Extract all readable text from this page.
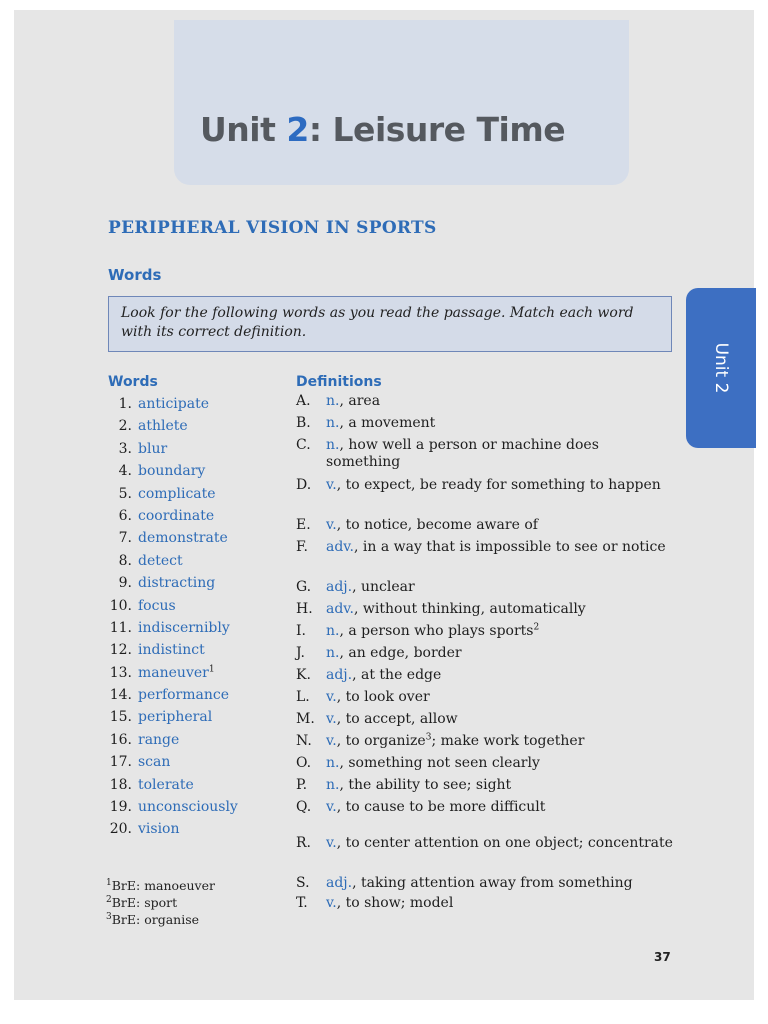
Unit 2: Leisure Time
Unit 2
PERIPHERAL VISION IN SPORTS
Words
Look for the following words as you read the passage. Match each word with its correct definition.
Words	Definitions
1. anticipate
2. athlete
3. blur
4. boundary
5. complicate
6. coordinate
7. demonstrate
8. detect
9. distracting
10. focus
11. indiscernibly
12. indistinct
13. maneuver$^1$
14. performance
15. peripheral
16. range
17. scan
18. tolerate
19. unconsciously
20. vision
A.	n., area
B.	n., a movement
C.	n., how well a person or machine does something
D.	v., to expect, be ready for something to happen
E.	v., to notice, become aware of
F.	adv., in a way that is impossible to see or notice
G.	adj., unclear
H. adv., without thinking, automatically
I.	n., a person who plays sports$^2$
J.	n., an edge, border
K.	adj., at the edge
L.	v., to look over
M. v., to accept, allow
N.	v., to organize$^3$; make work together
O.	n., something not seen clearly
P.	n., the ability to see; sight
Q.	v., to cause to be more difficult
R.	v., to center attention on one object; concentrate
S.	adj., taking attention away from something
T.	v., to show; model
$^1$BrE: manoeuver
$^2$BrE: sport
$^3$BrE: organise
37
